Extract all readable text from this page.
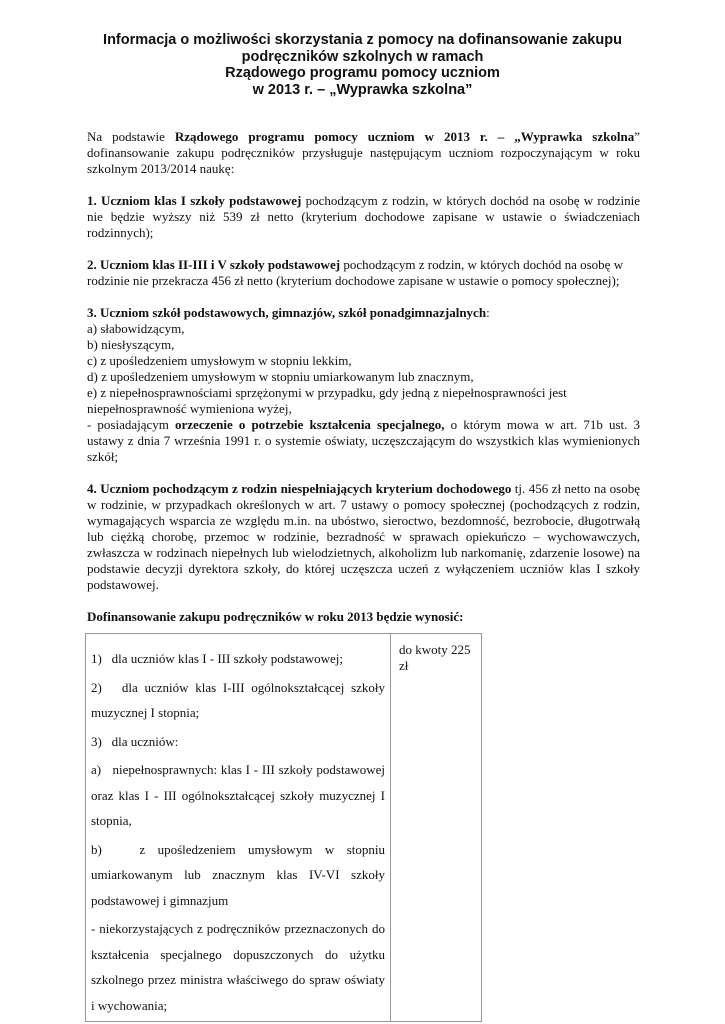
Informacja o możliwości skorzystania z pomocy na dofinansowanie zakupu
podręczników szkolnych w ramach
Rządowego programu pomocy uczniom
w 2013 r. – „Wyprawka szkolna”

Na podstawie Rządowego programu pomocy uczniom w 2013 r. – „Wyprawka szkolna” dofinansowanie zakupu podręczników przysługuje następującym uczniom rozpoczynającym w roku szkolnym 2013/2014 naukę:

1. Uczniom klas I szkoły podstawowej pochodzącym z rodzin, w których dochód na osobę w rodzinie nie będzie wyższy niż 539 zł netto (kryterium dochodowe zapisane w ustawie o świadczeniach rodzinnych);

2. Uczniom klas II-III i V szkoły podstawowej pochodzącym z rodzin, w których dochód na osobę w rodzinie nie przekracza 456 zł netto (kryterium dochodowe zapisane w ustawie o pomocy społecznej);

3. Uczniom szkół podstawowych, gimnazjów, szkół ponadgimnazjalnych:

a) słabowidzącym,

b) niesłyszącym,

c) z upośledzeniem umysłowym w stopniu lekkim,

d) z upośledzeniem umysłowym w stopniu umiarkowanym lub znacznym,

e) z niepełnosprawnościami sprzężonymi w przypadku, gdy jedną z niepełnosprawności jest niepełnosprawność wymieniona wyżej,

- posiadającym orzeczenie o potrzebie kształcenia specjalnego, o którym mowa w art. 71b ust. 3 ustawy z dnia 7 września 1991 r. o systemie oświaty, uczęszczającym do wszystkich klas wymienionych szkół;

4. Uczniom pochodzącym z rodzin niespełniających kryterium dochodowego tj. 456 zł netto na osobę w rodzinie, w przypadkach określonych w art. 7 ustawy o pomocy społecznej (pochodzących z rodzin, wymagających wsparcia ze względu m.in. na ubóstwo, sieroctwo, bezdomność, bezrobocie, długotrwałą lub ciężką chorobę, przemoc w rodzinie, bezradność w sprawach opiekuńczo – wychowawczych, zwłaszcza w rodzinach niepełnych lub wielodzietnych, alkoholizm lub narkomanię, zdarzenie losowe) na podstawie decyzji dyrektora szkoły, do której uczęszcza uczeń z wyłączeniem uczniów klas I szkoły podstawowej.

Dofinansowanie zakupu podręczników w roku 2013 będzie wynosić:

1)   dla uczniów klas I - III szkoły podstawowej;

2)   dla uczniów klas I-III ogólnokształcącej szkoły muzycznej I stopnia;

3)   dla uczniów:

a)   niepełnosprawnych: klas I - III szkoły podstawowej oraz klas I - III ogólnokształcącej szkoły muzycznej I stopnia,

b)   z upośledzeniem umysłowym w stopniu umiarkowanym lub znacznym klas IV-VI szkoły podstawowej i gimnazjum

- niekorzystających z podręczników przeznaczonych do kształcenia specjalnego dopuszczonych do użytku szkolnego przez ministra właściwego do spraw oświaty i wychowania;

	do kwoty 225 zł
